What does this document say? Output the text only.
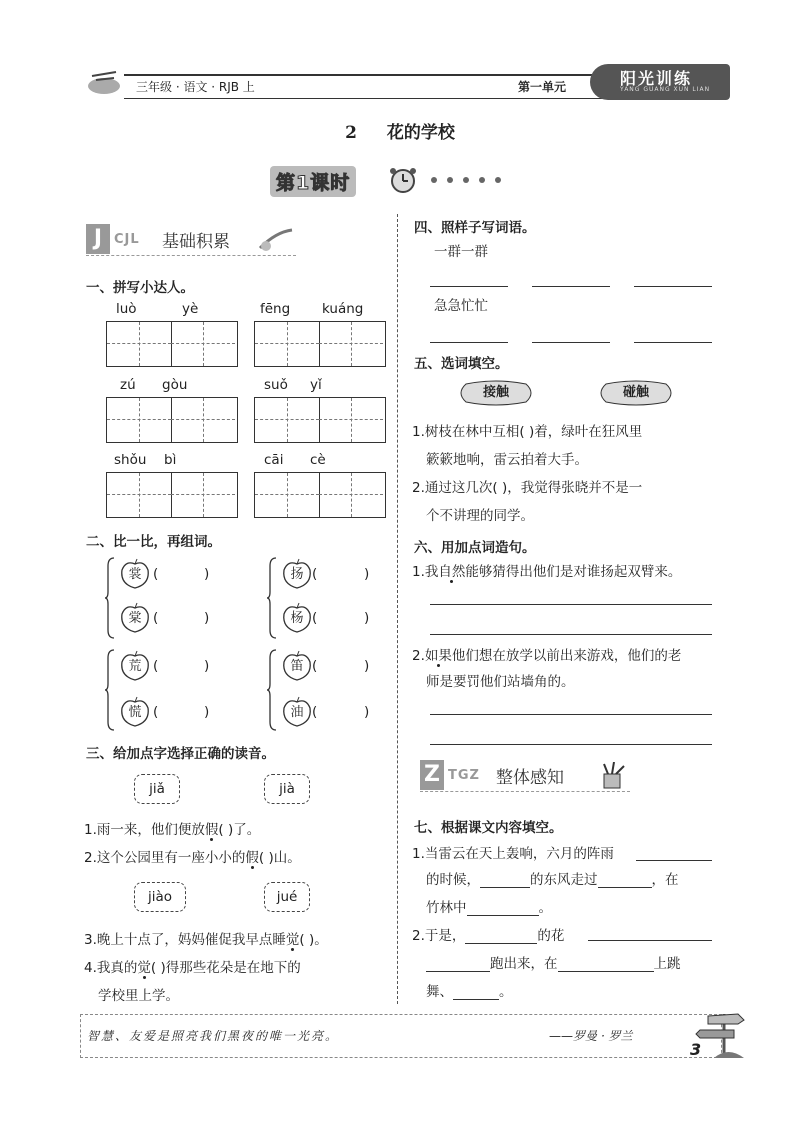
三年级 · 语文 · RJB 上	第一单元	阳光训练
YANG GUANG XUN LIAN
2 花的学校
第1课时
J CJL 基础积累
一、拼写小达人。
luò	yè	fēng kuáng
zú gòu	suǒ yǐ
shǒu bì	cāi cè
二、比一比，再组词。
裳 (	)
棠 (	)
扬 (	)
杨 (	)
荒 (	)
慌 (	)
笛 (	)
油 (	)
三、给加点字选择正确的读音。
jiǎ	jià
1.雨一来，他们便放假( )了。
2.这个公园里有一座小小的假( )山。
jiào	jué
3.晚上十点了，妈妈催促我早点睡觉( )。
4.我真的觉( )得那些花朵是在地下的
学校里上学。
四、照样子写词语。
一群一群
急急忙忙
五、选词填空。
接触	碰触
1.树枝在林中互相( )着，绿叶在狂风里
簌簌地响，雷云拍着大手。
2.通过这几次( )，我觉得张晓并不是一
个不讲理的同学。
六、用加点词造句。
1.我自然能够猜得出他们是对谁扬起双臂来。
2.如果他们想在放学以前出来游戏，他们的老
师是要罚他们站墙角的。
Z TGZ 整体感知
七、根据课文内容填空。
1.当雷云在天上轰响，六月的阵雨
的时候，	的东风走过	，在
竹林中	。
2.于是，	的花
跑出来，在	上跳
舞、	。
智慧、友爱是照亮我们黑夜的唯一光亮。	——罗曼 · 罗兰
3
